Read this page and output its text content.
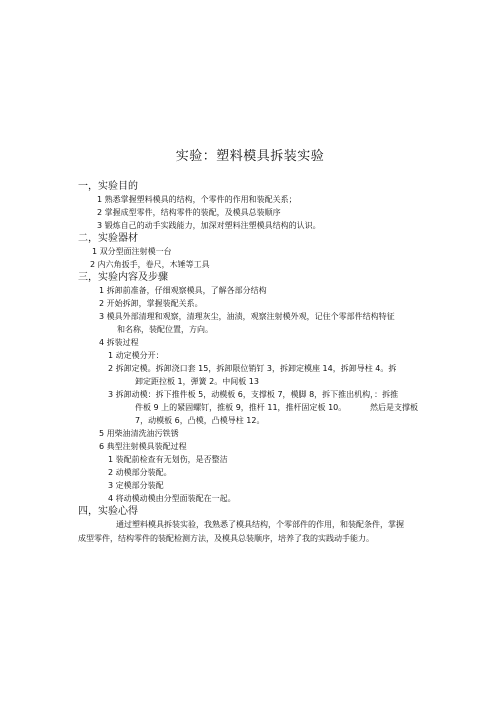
实验：塑料模具拆装实验
一，实验目的
1 熟悉掌握塑料模具的结构，个零件的作用和装配关系；
2 掌握成型零件，结构零件的装配，及模具总装顺序
3 锻炼自己的动手实践能力，加深对塑料注塑模具结构的认识。
二，实验器材
1 双分型面注射模一台
2 内六角扳手，卷尺，木锤等工具
三，实验内容及步骤
1 拆卸前准备，仔细观察模具，了解各部分结构
2 开始拆卸，掌握装配关系。
3 模具外部清理和观察，清理灰尘，油渍，观察注射模外观，记住个零部件结构特征
和名称，装配位置，方向。
4 拆装过程
1 动定模分开：
2 拆卸定模。拆卸浇口套 15，拆卸限位销钉 3，拆卸定模座 14，拆卸导柱 4。拆
卸定距拉板 1，弹簧 2。中间板 13
3 拆卸动模：拆下推件板 5，动模板 6，支撑板 7，模脚 8，拆下推出机构，：拆推
件板 9 上的紧固螺钉，推板 9，推杆 11，推杆固定板 10。	然后是支撑板
7，动模板 6，凸模，凸模导柱 12。
5 用柴油清洗油污铁锈
6 典型注射模具装配过程
1 装配前检查有无划伤，是否整洁
2 动模部分装配。
3 定模部分装配
4 将动模动模由分型面装配在一起。
四，实验心得
通过塑料模具拆装实验，我熟悉了模具结构，个零部件的作用，和装配条件，掌握
成型零件，结构零件的装配检测方法，及模具总装顺序，培养了我的实践动手能力。
